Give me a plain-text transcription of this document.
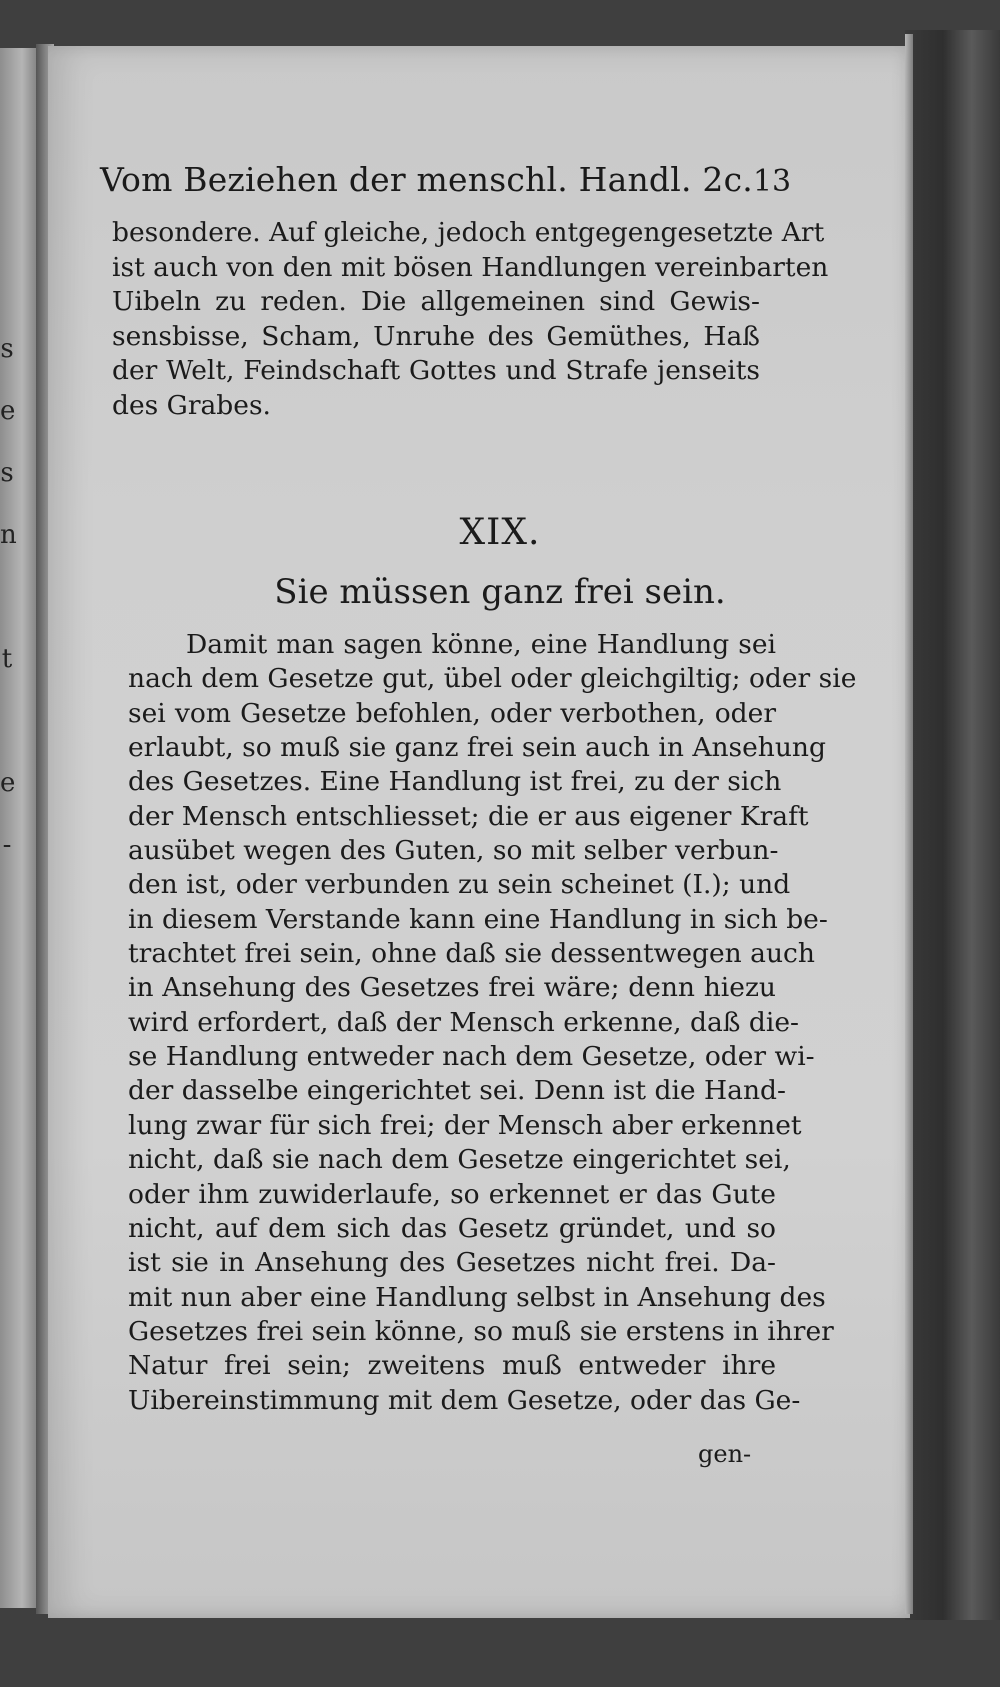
s
e
s
n

t

e
-
Vom Beziehen der menschl. Handl. 2c. 13
besondere. Auf gleiche, jedoch entgegengesetzte Art
ist auch von den mit bösen Handlungen vereinbarten
Uibeln zu reden. Die allgemeinen sind Gewis-
sensbisse, Scham, Unruhe des Gemüthes, Haß
der Welt, Feindschaft Gottes und Strafe jenseits
des Grabes.
XIX.
Sie müssen ganz frei sein.
Damit man sagen könne, eine Handlung sei
nach dem Gesetze gut, übel oder gleichgiltig; oder sie
sei vom Gesetze befohlen, oder verbothen, oder
erlaubt, so muß sie ganz frei sein auch in Ansehung
des Gesetzes. Eine Handlung ist frei, zu der sich
der Mensch entschliesset; die er aus eigener Kraft
ausübet wegen des Guten, so mit selber verbun-
den ist, oder verbunden zu sein scheinet (I.); und
in diesem Verstande kann eine Handlung in sich be-
trachtet frei sein, ohne daß sie dessentwegen auch
in Ansehung des Gesetzes frei wäre; denn hiezu
wird erfordert, daß der Mensch erkenne, daß die-
se Handlung entweder nach dem Gesetze, oder wi-
der dasselbe eingerichtet sei. Denn ist die Hand-
lung zwar für sich frei; der Mensch aber erkennet
nicht, daß sie nach dem Gesetze eingerichtet sei,
oder ihm zuwiderlaufe, so erkennet er das Gute
nicht, auf dem sich das Gesetz gründet, und so
ist sie in Ansehung des Gesetzes nicht frei. Da-
mit nun aber eine Handlung selbst in Ansehung des
Gesetzes frei sein könne, so muß sie erstens in ihrer
Natur frei sein; zweitens muß entweder ihre
Uibereinstimmung mit dem Gesetze, oder das Ge-
gen-
